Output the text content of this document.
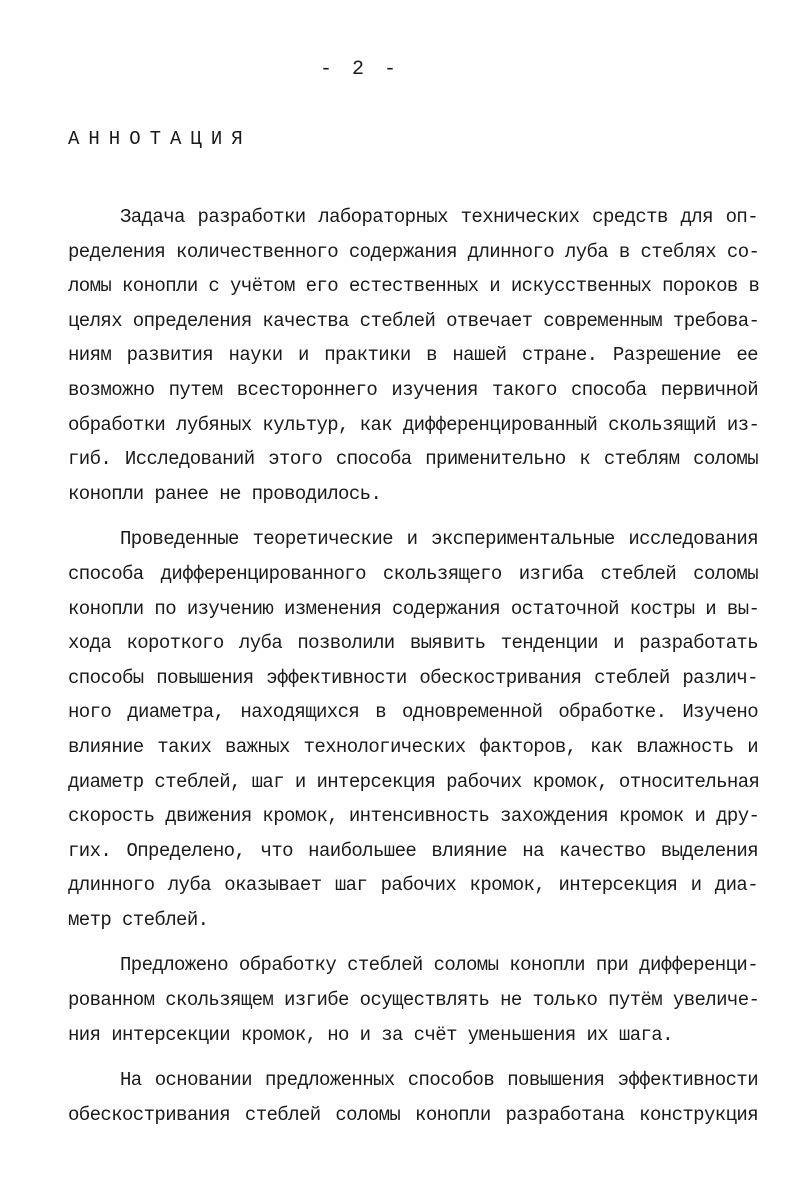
- 2 -
АННОТАЦИЯ
Задача разработки лабораторных технических средств для оп-
ределения количественного содержания длинного луба в стеблях со-
ломы конопли с учётом его естественных и искусственных пороков в
целях определения качества стеблей отвечает современным требова-
ниям развития науки и практики в нашей стране. Разрешение ее
возможно путем всестороннего изучения такого способа первичной
обработки лубяных культур, как дифференцированный скользящий из-
гиб. Исследований этого способа применительно к стеблям соломы
конопли ранее не проводилось.
Проведенные теоретические и экспериментальные исследования
способа дифференцированного скользящего изгиба стеблей соломы
конопли по изучению изменения содержания остаточной костры и вы-
хода короткого луба позволили выявить тенденции и разработать
способы повышения эффективности обескостривания стеблей различ-
ного диаметра, находящихся в одновременной обработке. Изучено
влияние таких важных технологических факторов, как влажность и
диаметр стеблей, шаг и интерсекция рабочих кромок, относительная
скорость движения кромок, интенсивность захождения кромок и дру-
гих. Определено, что наибольшее влияние на качество выделения
длинного луба оказывает шаг рабочих кромок, интерсекция и диа-
метр стеблей.
Предложено обработку стеблей соломы конопли при дифференци-
рованном скользящем изгибе осуществлять не только путём увеличе-
ния интерсекции кромок, но и за счёт уменьшения их шага.
На основании предложенных способов повышения эффективности
обескостривания стеблей соломы конопли разработана конструкция
